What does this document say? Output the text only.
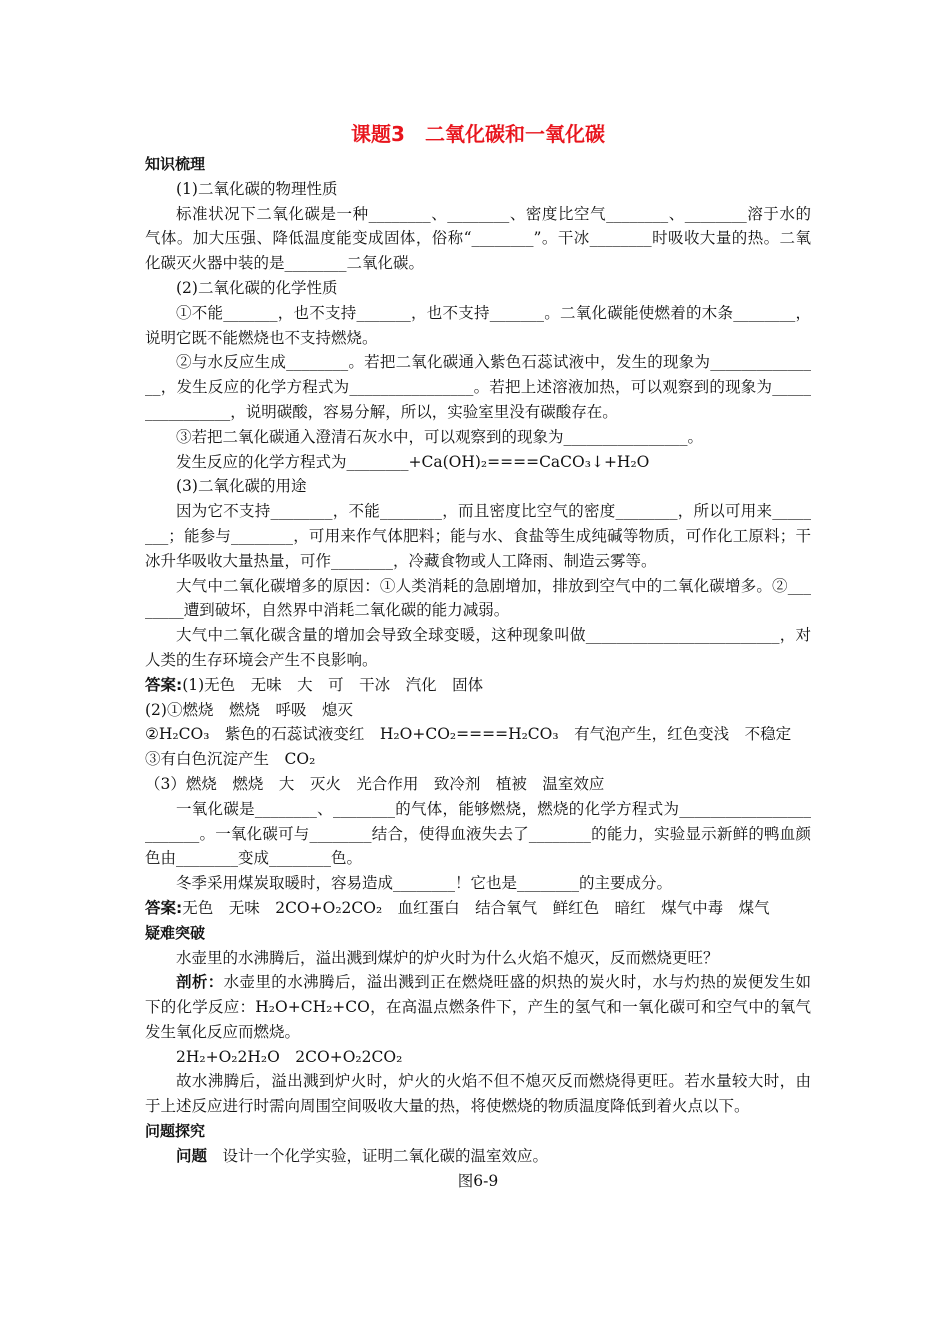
课题3　二氧化碳和一氧化碳
知识梳理

(1)二氧化碳的物理性质

标准状况下二氧化碳是一种________、________、密度比空气________、________溶于水的气体。加大压强、降低温度能变成固体，俗称“________”。干冰________时吸收大量的热。二氧化碳灭火器中装的是________二氧化碳。

(2)二氧化碳的化学性质

①不能_______，也不支持_______，也不支持_______。二氧化碳能使燃着的木条________，说明它既不能燃烧也不支持燃烧。

②与水反应生成________。若把二氧化碳通入紫色石蕊试液中，发生的现象为_______________，发生反应的化学方程式为________________。若把上述溶液加热，可以观察到的现象为________________，说明碳酸，容易分解，所以，实验室里没有碳酸存在。

③若把二氧化碳通入澄清石灰水中，可以观察到的现象为________________。

发生反应的化学方程式为________+Ca(OH)₂====CaCO₃↓+H₂O

(3)二氧化碳的用途

因为它不支持________，不能________，而且密度比空气的密度________，所以可用来________；能参与________，可用来作气体肥料；能与水、食盐等生成纯碱等物质，可作化工原料；干冰升华吸收大量热量，可作________，冷藏食物或人工降雨、制造云雾等。

大气中二氧化碳增多的原因：①人类消耗的急剧增加，排放到空气中的二氧化碳增多。②________遭到破坏，自然界中消耗二氧化碳的能力减弱。

大气中二氧化碳含量的增加会导致全球变暖，这种现象叫做_________________________，对人类的生存环境会产生不良影响。

答案:(1)无色　无味　大　可　干冰　汽化　固体

(2)①燃烧　燃烧　呼吸　熄灭

②H₂CO₃　紫色的石蕊试液变红　H₂O+CO₂====H₂CO₃　有气泡产生，红色变浅　不稳定

③有白色沉淀产生　CO₂

（3）燃烧　燃烧　大　灭火　光合作用　致冷剂　植被　温室效应

一氧化碳是________、________的气体，能够燃烧，燃烧的化学方程式为________________________。一氧化碳可与________结合，使得血液失去了________的能力，实验显示新鲜的鸭血颜色由________变成________色。

冬季采用煤炭取暖时，容易造成________！它也是________的主要成分。

答案:无色　无味　2CO+O₂2CO₂　血红蛋白　结合氧气　鲜红色　暗红　煤气中毒　煤气

疑难突破

水壶里的水沸腾后，溢出溅到煤炉的炉火时为什么火焰不熄灭，反而燃烧更旺？

剖析：水壶里的水沸腾后，溢出溅到正在燃烧旺盛的炽热的炭火时，水与灼热的炭便发生如下的化学反应：H₂O+CH₂+CO，在高温点燃条件下，产生的氢气和一氧化碳可和空气中的氧气发生氧化反应而燃烧。

2H₂+O₂2H₂O　2CO+O₂2CO₂

故水沸腾后，溢出溅到炉火时，炉火的火焰不但不熄灭反而燃烧得更旺。若水量较大时，由于上述反应进行时需向周围空间吸收大量的热，将使燃烧的物质温度降低到着火点以下。

问题探究

问题　设计一个化学实验，证明二氧化碳的温室效应。

图6-9
